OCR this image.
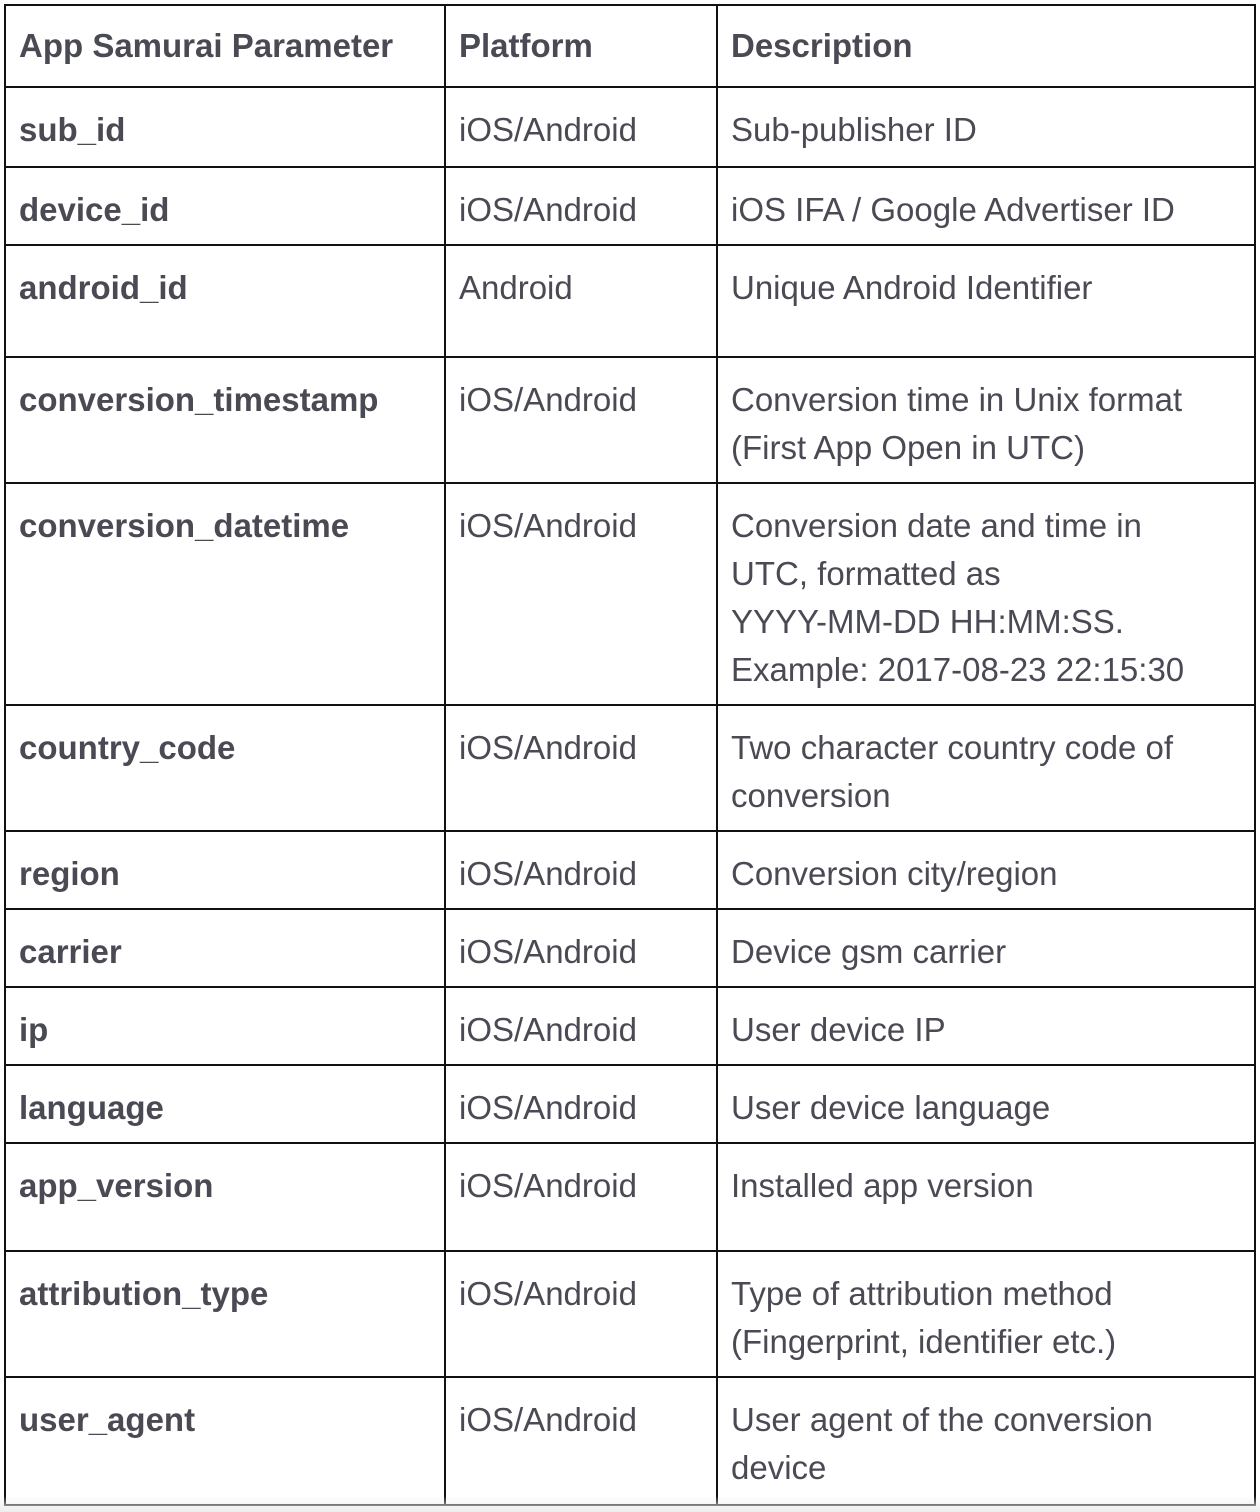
App Samurai Parameter	Platform	Description
sub_id	iOS/Android	Sub-publisher ID

device_id	iOS/Android	iOS IFA / Google Advertiser ID

android_id	Android	Unique Android Identifier

conversion_timestamp	iOS/Android	Conversion time in Unix format
(First App Open in UTC)

conversion_datetime	iOS/Android	Conversion date and time in
UTC, formatted as
YYYY-MM-DD HH:MM:SS.
Example: 2017-08-23 22:15:30

country_code	iOS/Android	Two character country code of
conversion

region	iOS/Android	Conversion city/region

carrier	iOS/Android	Device gsm carrier

ip	iOS/Android	User device IP

language	iOS/Android	User device language

app_version	iOS/Android	Installed app version

attribution_type	iOS/Android	Type of attribution method
(Fingerprint, identifier etc.)

user_agent	iOS/Android	User agent of the conversion
device
